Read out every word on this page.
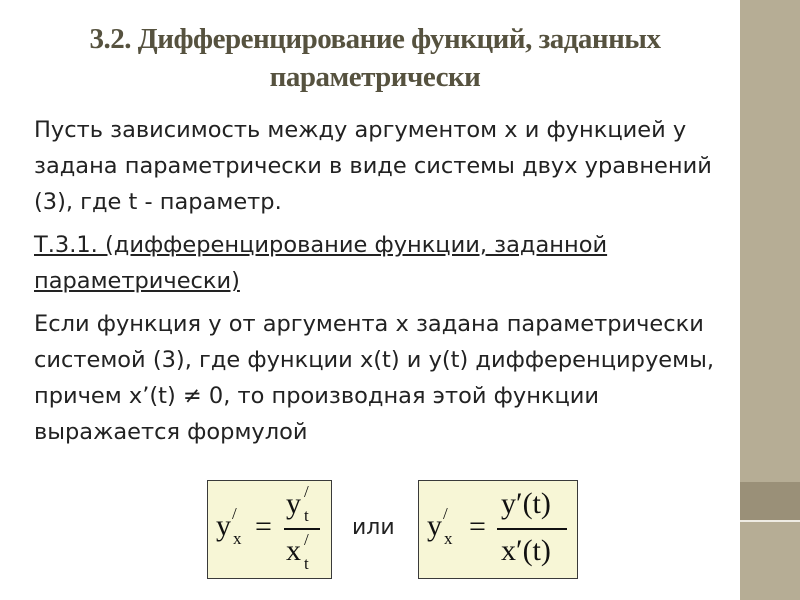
3.2. Дифференцирование функций, заданных
параметрически

Пусть зависимость между аргументом x и функцией y задана параметрически в виде системы двух уравнений (3), где t - параметр.

Т.3.1. (дифференцирование функции, заданной параметрически)

Если функция y от аргумента x задана параметрически системой (3), где функции x(t) и y(t) дифференцируемы, причем x’(t) ≠ 0, то производная этой функции выражается формулой

y /
x =
y /
t
x /
t
или y /
x =
y′(t)
x′(t)
